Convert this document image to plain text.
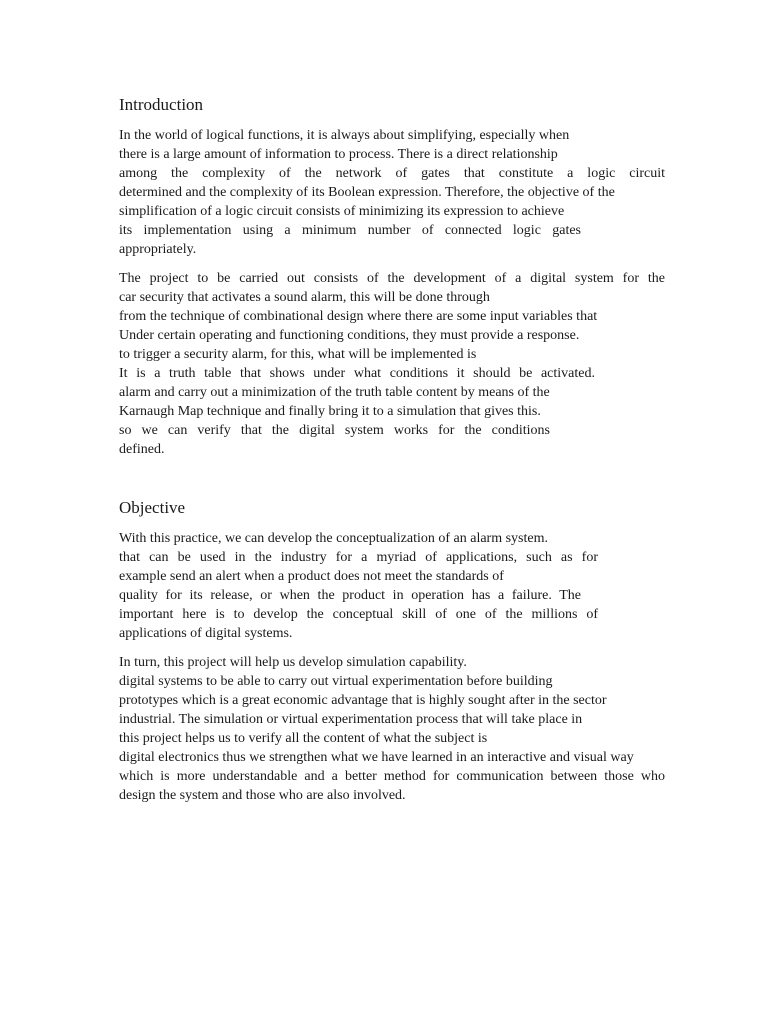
Introduction
In the world of logical functions, it is always about simplifying, especially when
there is a large amount of information to process. There is a direct relationship
among the complexity of the network of gates that constitute a logic circuit
determined and the complexity of its Boolean expression. Therefore, the objective of the
simplification of a logic circuit consists of minimizing its expression to achieve
its implementation using a minimum number of connected logic gates
appropriately.
The project to be carried out consists of the development of a digital system for the
car security that activates a sound alarm, this will be done through
from the technique of combinational design where there are some input variables that
Under certain operating and functioning conditions, they must provide a response.
to trigger a security alarm, for this, what will be implemented is
It is a truth table that shows under what conditions it should be activated.
alarm and carry out a minimization of the truth table content by means of the
Karnaugh Map technique and finally bring it to a simulation that gives this.
so we can verify that the digital system works for the conditions
defined.
Objective
With this practice, we can develop the conceptualization of an alarm system.
that can be used in the industry for a myriad of applications, such as for
example send an alert when a product does not meet the standards of
quality for its release, or when the product in operation has a failure. The
important here is to develop the conceptual skill of one of the millions of
applications of digital systems.
In turn, this project will help us develop simulation capability.
digital systems to be able to carry out virtual experimentation before building
prototypes which is a great economic advantage that is highly sought after in the sector
industrial. The simulation or virtual experimentation process that will take place in
this project helps us to verify all the content of what the subject is
digital electronics thus we strengthen what we have learned in an interactive and visual way
which is more understandable and a better method for communication between those who
design the system and those who are also involved.
